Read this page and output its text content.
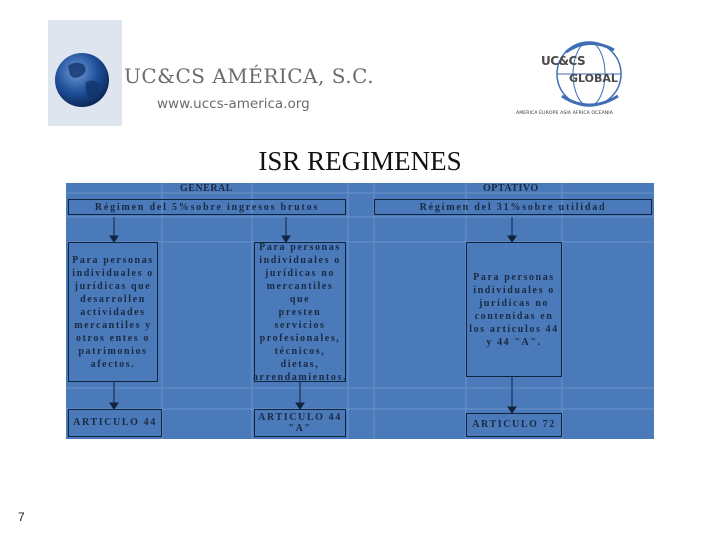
UC&CS AMÉRICA, S.C.
www.uccs-america.org
UC&CS
GLOBAL
AMERICA EUROPE ASIA AFRICA OCEANIA
ISR REGIMENES
GENERAL	OPTATIVO
Régimen del 5%sobre ingresos brutos	Régimen del 31%sobre utilidad
Para personas
individuales o
jurídicas que
desarrollen
actividades
mercantiles y
otros entes o
patrimonios
afectos.
Para personas
individuales o
jurídicas no
mercantiles que
presten
servicios
profesionales,
técnicos, dietas,
arrendamientos.
Para personas
individuales o
jurídicas no
contenidas en
los artículos 44
y 44 "A".
ARTICULO 44
ARTICULO 44
"A"	ARTICULO 72
7
